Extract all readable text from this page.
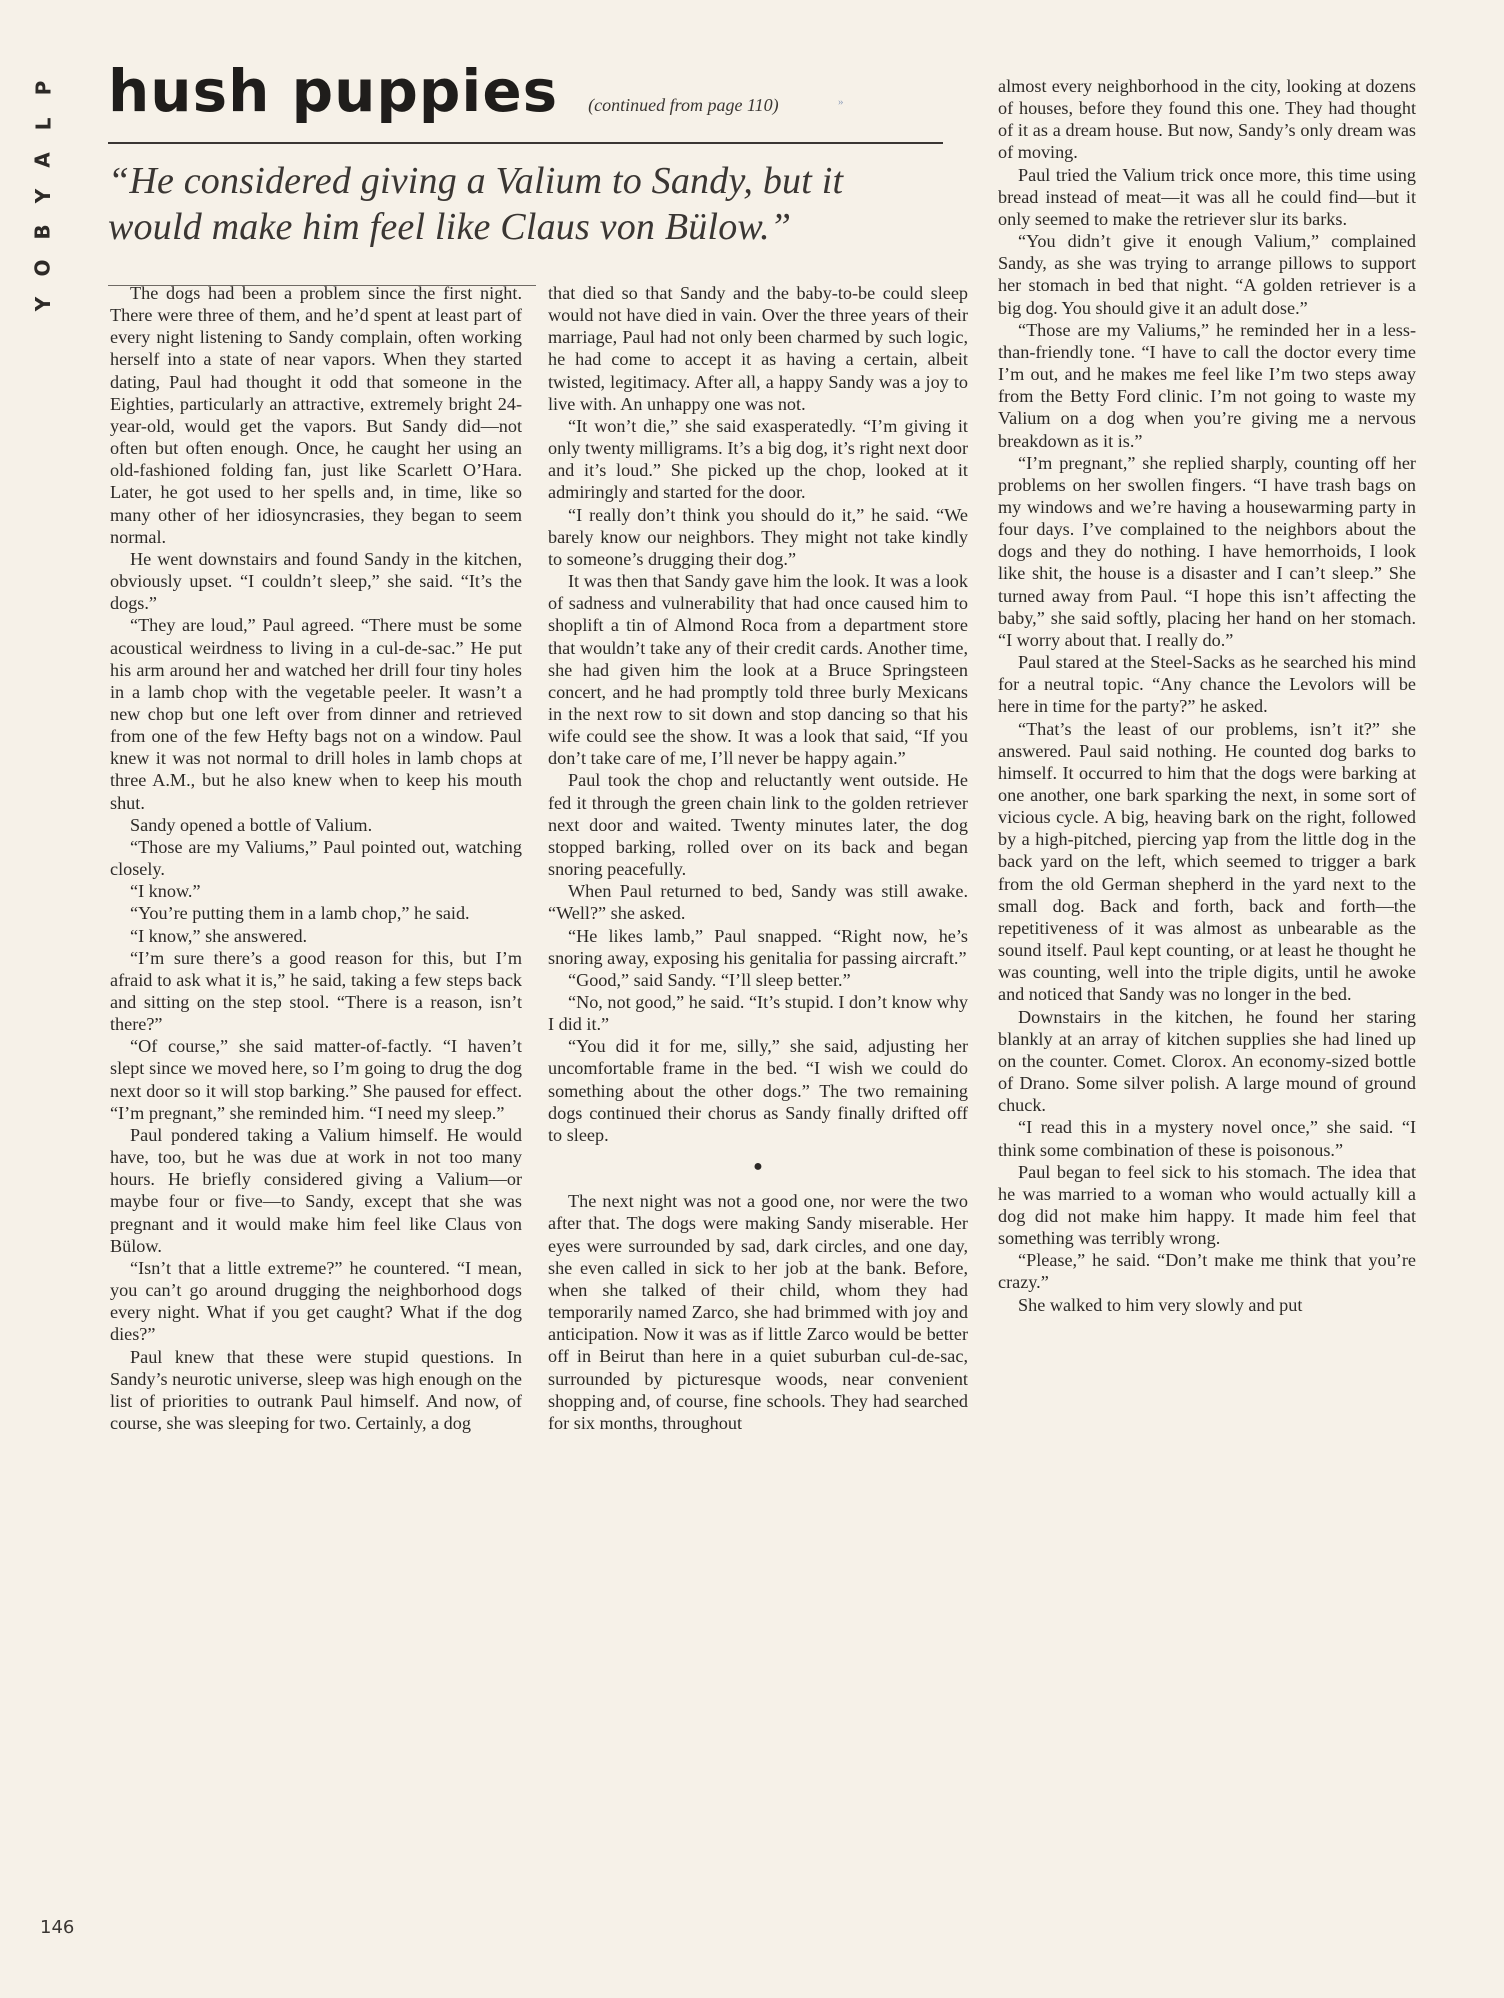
P
L
A
Y
B
O
Y
»
hush puppies (continued from page 110)
“He considered giving a Valium to Sandy, but it would make him feel like Claus von Bülow.”

The dogs had been a problem since the first night. There were three of them, and he’d spent at least part of every night listening to Sandy complain, often working herself into a state of near vapors. When they started dating, Paul had thought it odd that someone in the Eighties, particularly an attractive, extremely bright 24-year-old, would get the vapors. But Sandy did—not often but often enough. Once, he caught her using an old-fashioned folding fan, just like Scarlett O’Hara. Later, he got used to her spells and, in time, like so many other of her idiosyncrasies, they began to seem normal.

He went downstairs and found Sandy in the kitchen, obviously upset. “I couldn’t sleep,” she said. “It’s the dogs.”

“They are loud,” Paul agreed. “There must be some acoustical weirdness to living in a cul-de-sac.” He put his arm around her and watched her drill four tiny holes in a lamb chop with the vegetable peeler. It wasn’t a new chop but one left over from dinner and retrieved from one of the few Hefty bags not on a window. Paul knew it was not normal to drill holes in lamb chops at three A.M., but he also knew when to keep his mouth shut.

Sandy opened a bottle of Valium.

“Those are my Valiums,” Paul pointed out, watching closely.

“I know.”

“You’re putting them in a lamb chop,” he said.

“I know,” she answered.

“I’m sure there’s a good reason for this, but I’m afraid to ask what it is,” he said, taking a few steps back and sitting on the step stool. “There is a reason, isn’t there?”

“Of course,” she said matter-of-factly. “I haven’t slept since we moved here, so I’m going to drug the dog next door so it will stop barking.” She paused for effect. “I’m pregnant,” she reminded him. “I need my sleep.”

Paul pondered taking a Valium himself. He would have, too, but he was due at work in not too many hours. He briefly considered giving a Valium—or maybe four or five—to Sandy, except that she was pregnant and it would make him feel like Claus von Bülow.

“Isn’t that a little extreme?” he countered. “I mean, you can’t go around drugging the neighborhood dogs every night. What if you get caught? What if the dog dies?”

Paul knew that these were stupid questions. In Sandy’s neurotic universe, sleep was high enough on the list of priorities to outrank Paul himself. And now, of course, she was sleeping for two. Certainly, a dog

that died so that Sandy and the baby-to-be could sleep would not have died in vain. Over the three years of their marriage, Paul had not only been charmed by such logic, he had come to accept it as having a certain, albeit twisted, legitimacy. After all, a happy Sandy was a joy to live with. An unhappy one was not.

“It won’t die,” she said exasperatedly. “I’m giving it only twenty milligrams. It’s a big dog, it’s right next door and it’s loud.” She picked up the chop, looked at it admiringly and started for the door.

“I really don’t think you should do it,” he said. “We barely know our neighbors. They might not take kindly to someone’s drugging their dog.”

It was then that Sandy gave him the look. It was a look of sadness and vulnerability that had once caused him to shoplift a tin of Almond Roca from a department store that wouldn’t take any of their credit cards. Another time, she had given him the look at a Bruce Springsteen concert, and he had promptly told three burly Mexicans in the next row to sit down and stop dancing so that his wife could see the show. It was a look that said, “If you don’t take care of me, I’ll never be happy again.”

Paul took the chop and reluctantly went outside. He fed it through the green chain link to the golden retriever next door and waited. Twenty minutes later, the dog stopped barking, rolled over on its back and began snoring peacefully.

When Paul returned to bed, Sandy was still awake. “Well?” she asked.

“He likes lamb,” Paul snapped. “Right now, he’s snoring away, exposing his genitalia for passing aircraft.”

“Good,” said Sandy. “I’ll sleep better.”

“No, not good,” he said. “It’s stupid. I don’t know why I did it.”

“You did it for me, silly,” she said, adjusting her uncomfortable frame in the bed. “I wish we could do something about the other dogs.” The two remaining dogs continued their chorus as Sandy finally drifted off to sleep.

●

The next night was not a good one, nor were the two after that. The dogs were making Sandy miserable. Her eyes were surrounded by sad, dark circles, and one day, she even called in sick to her job at the bank. Before, when she talked of their child, whom they had temporarily named Zarco, she had brimmed with joy and anticipation. Now it was as if little Zarco would be better off in Beirut than here in a quiet suburban cul-de-sac, surrounded by picturesque woods, near convenient shopping and, of course, fine schools. They had searched for six months, throughout

almost every neighborhood in the city, looking at dozens of houses, before they found this one. They had thought of it as a dream house. But now, Sandy’s only dream was of moving.

Paul tried the Valium trick once more, this time using bread instead of meat—it was all he could find—but it only seemed to make the retriever slur its barks.

“You didn’t give it enough Valium,” complained Sandy, as she was trying to arrange pillows to support her stomach in bed that night. “A golden retriever is a big dog. You should give it an adult dose.”

“Those are my Valiums,” he reminded her in a less-than-friendly tone. “I have to call the doctor every time I’m out, and he makes me feel like I’m two steps away from the Betty Ford clinic. I’m not going to waste my Valium on a dog when you’re giving me a nervous breakdown as it is.”

“I’m pregnant,” she replied sharply, counting off her problems on her swollen fingers. “I have trash bags on my windows and we’re having a housewarming party in four days. I’ve complained to the neighbors about the dogs and they do nothing. I have hemorrhoids, I look like shit, the house is a disaster and I can’t sleep.” She turned away from Paul. “I hope this isn’t affecting the baby,” she said softly, placing her hand on her stomach. “I worry about that. I really do.”

Paul stared at the Steel-Sacks as he searched his mind for a neutral topic. “Any chance the Levolors will be here in time for the party?” he asked.

“That’s the least of our problems, isn’t it?” she answered. Paul said nothing. He counted dog barks to himself. It occurred to him that the dogs were barking at one another, one bark sparking the next, in some sort of vicious cycle. A big, heaving bark on the right, followed by a high-pitched, piercing yap from the little dog in the back yard on the left, which seemed to trigger a bark from the old German shepherd in the yard next to the small dog. Back and forth, back and forth—the repetitiveness of it was almost as unbearable as the sound itself. Paul kept counting, or at least he thought he was counting, well into the triple digits, until he awoke and noticed that Sandy was no longer in the bed.

Downstairs in the kitchen, he found her staring blankly at an array of kitchen supplies she had lined up on the counter. Comet. Clorox. An economy-sized bottle of Drano. Some silver polish. A large mound of ground chuck.

“I read this in a mystery novel once,” she said. “I think some combination of these is poisonous.”

Paul began to feel sick to his stomach. The idea that he was married to a woman who would actually kill a dog did not make him happy. It made him feel that something was terribly wrong.

“Please,” he said. “Don’t make me think that you’re crazy.”

She walked to him very slowly and put

146
